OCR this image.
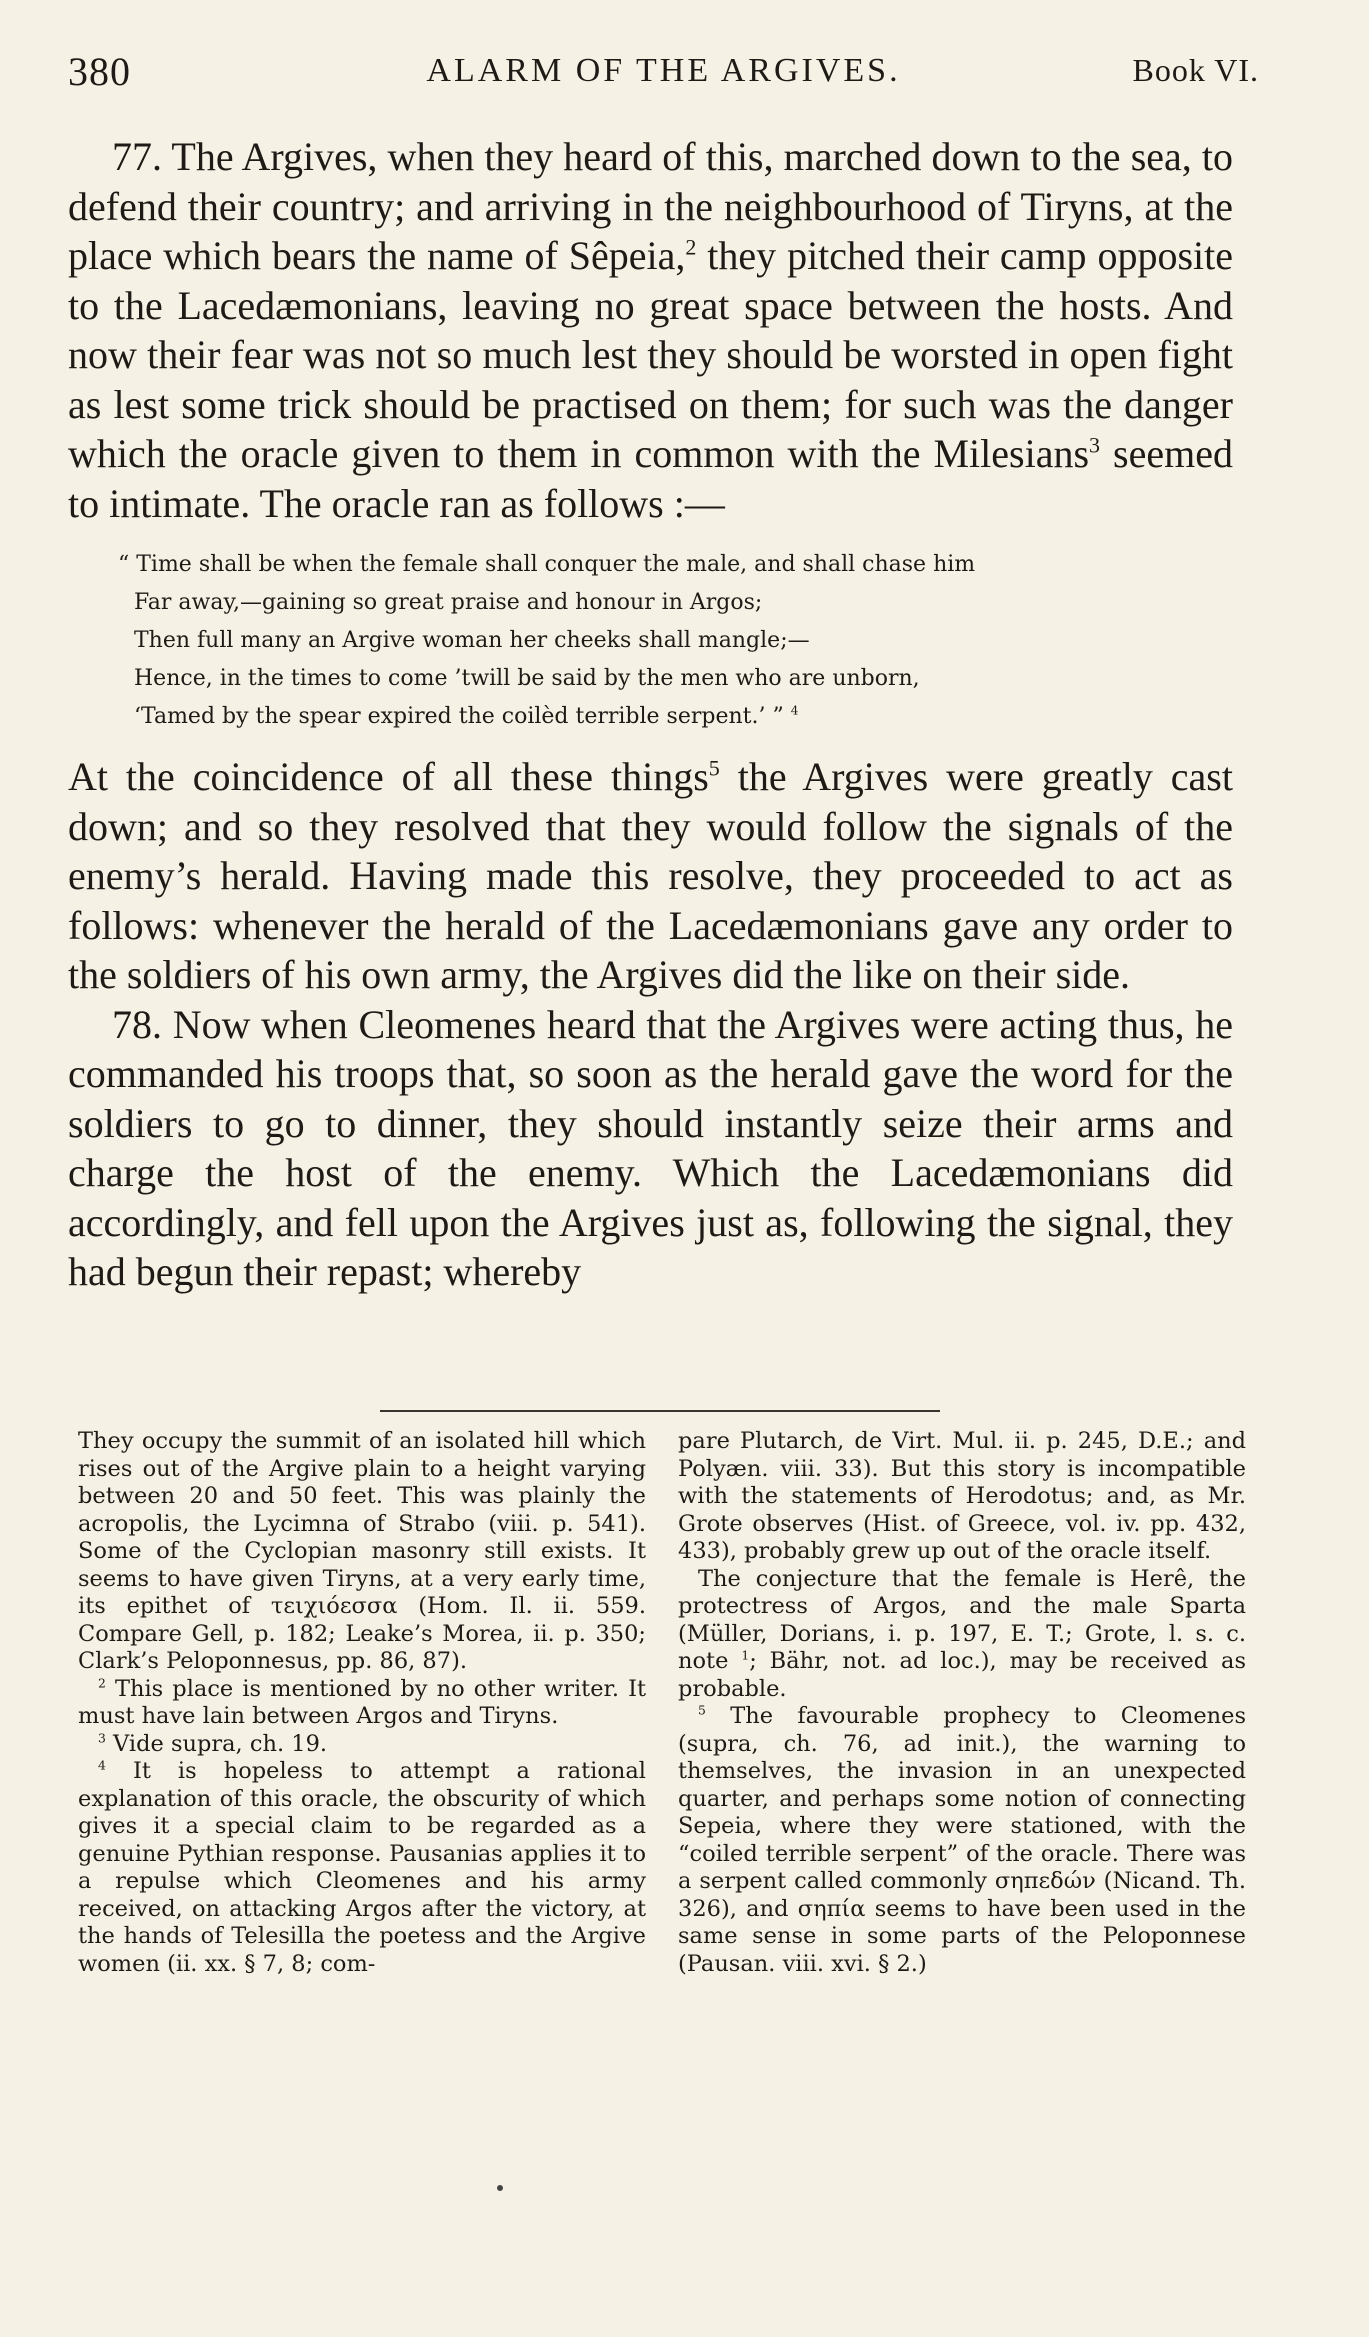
380	ALARM OF THE ARGIVES.	Book VI.

77. The Argives, when they heard of this, marched down to the sea, to defend their country; and arriving in the neighbourhood of Tiryns, at the place which bears the name of Sêpeia,$^2$ they pitched their camp opposite to the Lacedæmonians, leaving no great space between the hosts. And now their fear was not so much lest they should be worsted in open fight as lest some trick should be practised on them; for such was the danger which the oracle given to them in common with the Milesians$^3$ seemed to intimate. The oracle ran as follows :—

“ Time shall be when the female shall conquer the male, and shall chase him
Far away,—gaining so great praise and honour in Argos;
Then full many an Argive woman her cheeks shall mangle;—
Hence, in the times to come ’twill be said by the men who are unborn,
‘Tamed by the spear expired the coilèd terrible serpent.’ ” $^4$

At the coincidence of all these things$^5$ the Argives were greatly cast down; and so they resolved that they would follow the signals of the enemy’s herald. Having made this resolve, they proceeded to act as follows: whenever the herald of the Lacedæmonians gave any order to the soldiers of his own army, the Argives did the like on their side.

78. Now when Cleomenes heard that the Argives were acting thus, he commanded his troops that, so soon as the herald gave the word for the soldiers to go to dinner, they should instantly seize their arms and charge the host of the enemy. Which the Lacedæmonians did accordingly, and fell upon the Argives just as, following the signal, they had begun their repast; whereby

They occupy the summit of an isolated hill which rises out of the Argive plain to a height varying between 20 and 50 feet. This was plainly the acropolis, the Lycimna of Strabo (viii. p. 541). Some of the Cyclopian masonry still exists. It seems to have given Tiryns, at a very early time, its epithet of τειχιόεσσα (Hom. Il. ii. 559. Compare Gell, p. 182; Leake’s Morea, ii. p. 350; Clark’s Peloponnesus, pp. 86, 87).

$^2$ This place is mentioned by no other writer. It must have lain between Argos and Tiryns.

$^3$ Vide supra, ch. 19.

$^4$ It is hopeless to attempt a rational explanation of this oracle, the obscurity of which gives it a special claim to be regarded as a genuine Pythian response. Pausanias applies it to a repulse which Cleomenes and his army received, on attacking Argos after the victory, at the hands of Telesilla the poetess and the Argive women (ii. xx. § 7, 8; com-

pare Plutarch, de Virt. Mul. ii. p. 245, D.E.; and Polyæn. viii. 33). But this story is incompatible with the statements of Herodotus; and, as Mr. Grote observes (Hist. of Greece, vol. iv. pp. 432, 433), probably grew up out of the oracle itself.

The conjecture that the female is Herê, the protectress of Argos, and the male Sparta (Müller, Dorians, i. p. 197, E. T.; Grote, l. s. c. note $^1$; Bähr, not. ad loc.), may be received as probable.

$^5$ The favourable prophecy to Cleomenes (supra, ch. 76, ad init.), the warning to themselves, the invasion in an unexpected quarter, and perhaps some notion of connecting Sepeia, where they were stationed, with the “coiled terrible serpent” of the oracle. There was a serpent called commonly σηπεδών (Nicand. Th. 326), and σηπία seems to have been used in the same sense in some parts of the Peloponnese (Pausan. viii. xvi. § 2.)
